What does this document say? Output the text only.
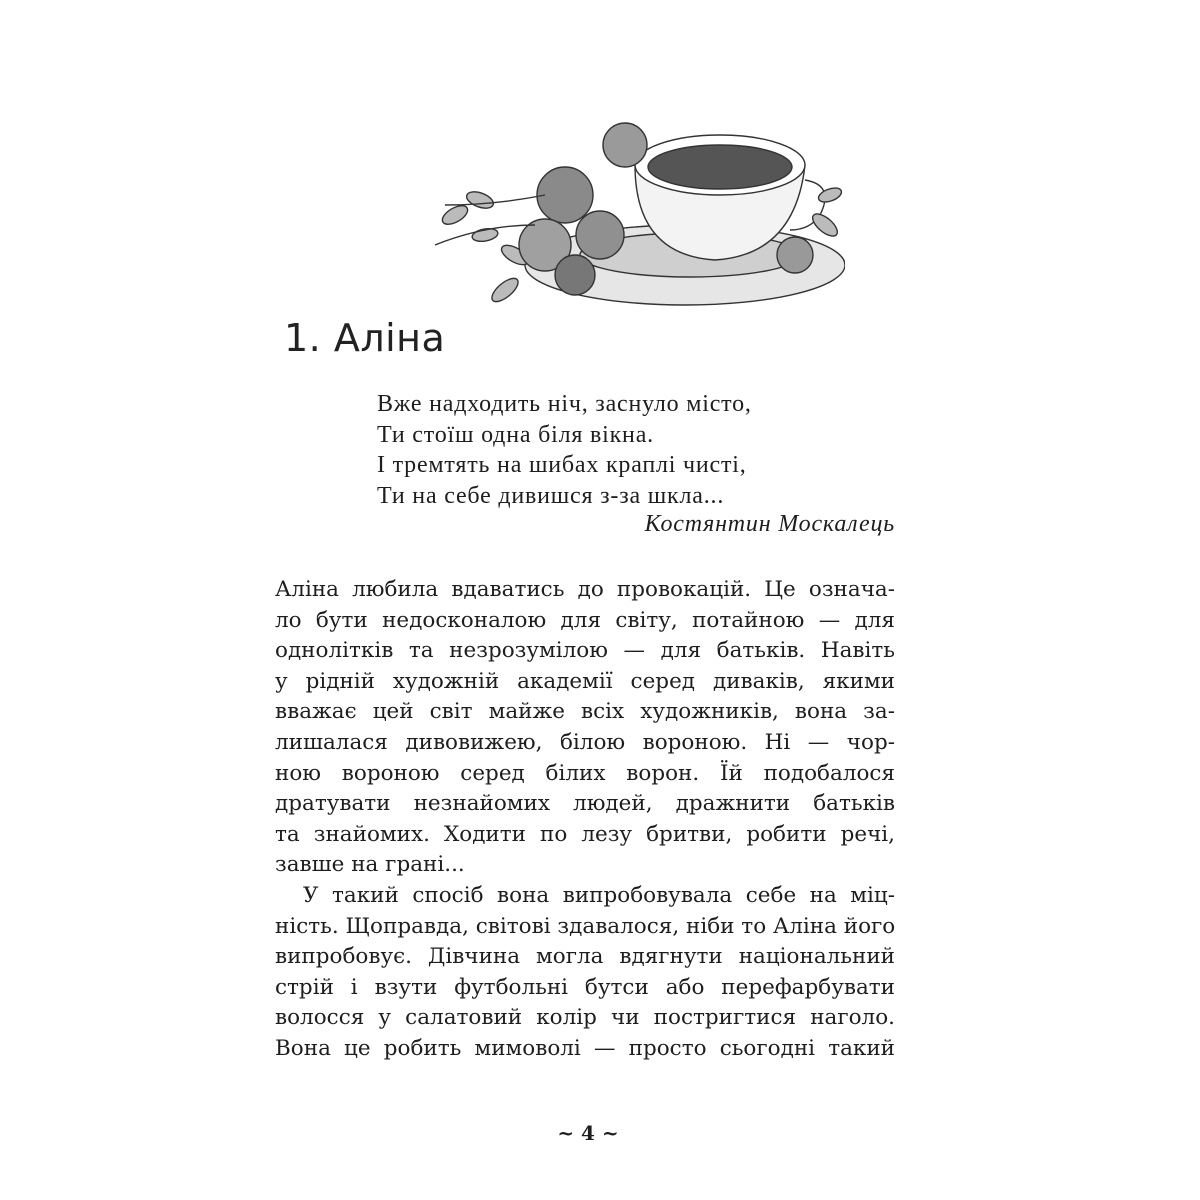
1. Аліна
Вже надходить ніч, заснуло місто,
Ти стоїш одна біля вікна.
І тремтять на шибах краплі чисті,
Ти на себе дивишся з-за шкла...
Костянтин Москалець
Аліна любила вдаватись до провокацій. Це означа-
ло бути недосконалою для світу, потайною — для
однолітків та незрозумілою — для батьків. Навіть
у рідній художній академії серед диваків, якими
вважає цей світ майже всіх художників, вона за-
лишалася дивовижею, білою вороною. Ні — чор-
ною вороною серед білих ворон. Їй подобалося
дратувати незнайомих людей, дражнити батьків
та знайомих. Ходити по лезу бритви, робити речі,
завше на грані...
У такий спосіб вона випробовувала себе на міц-
ність. Щоправда, світові здавалося, ніби то Аліна його
випробовує. Дівчина могла вдягнути національний
стрій і взути футбольні бутси або перефарбувати
волосся у салатовий колір чи постригтися наголо.
Вона це робить мимоволі — просто сьогодні такий
~ 4 ~
